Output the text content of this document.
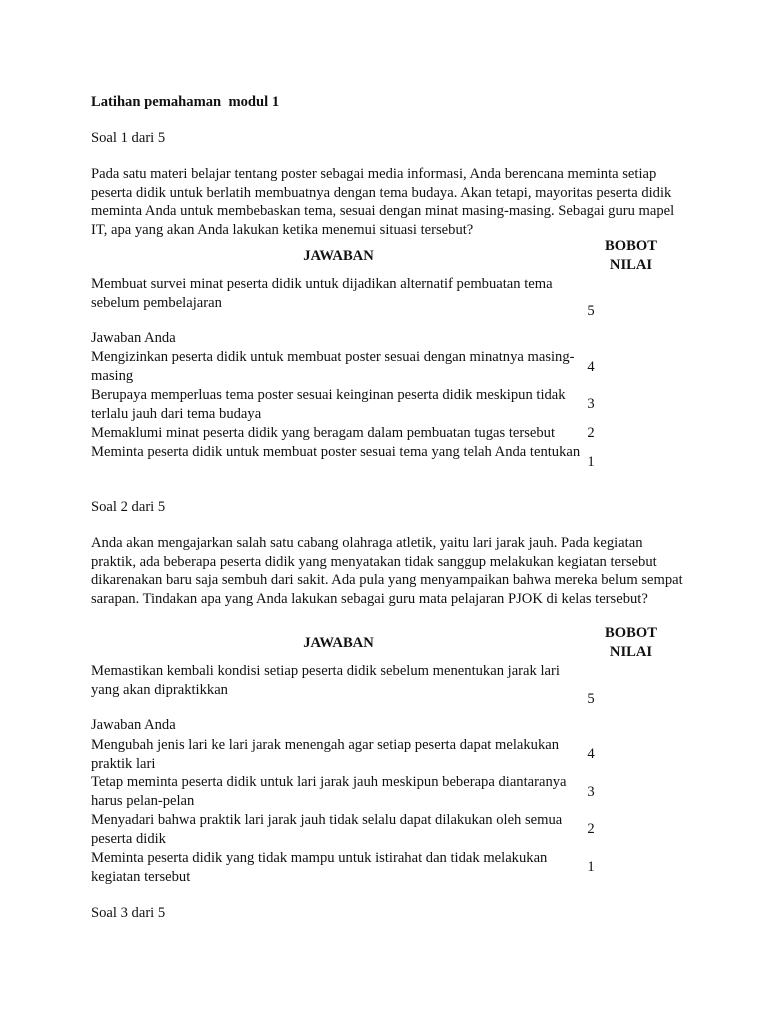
Latihan pemahaman  modul 1
Soal 1 dari 5
Pada satu materi belajar tentang poster sebagai media informasi, Anda berencana meminta setiap peserta didik untuk berlatih membuatnya dengan tema budaya. Akan tetapi, mayoritas peserta didik meminta Anda untuk membebaskan tema, sesuai dengan minat masing-masing. Sebagai guru mapel IT, apa yang akan Anda lakukan ketika menemui situasi tersebut?
JAWABAN
BOBOT
NILAI
Membuat survei minat peserta didik untuk dijadikan alternatif pembuatan tema sebelum pembelajaran
5
Jawaban Anda
Mengizinkan peserta didik untuk membuat poster sesuai dengan minatnya masing-masing
4
Berupaya memperluas tema poster sesuai keinginan peserta didik meskipun tidak terlalu jauh dari tema budaya
3
Memaklumi minat peserta didik yang beragam dalam pembuatan tugas tersebut	2
Meminta peserta didik untuk membuat poster sesuai tema yang telah Anda tentukan
1
Soal 2 dari 5
Anda akan mengajarkan salah satu cabang olahraga atletik, yaitu lari jarak jauh. Pada kegiatan praktik, ada beberapa peserta didik yang menyatakan tidak sanggup melakukan kegiatan tersebut dikarenakan baru saja sembuh dari sakit. Ada pula yang menyampaikan bahwa mereka belum sempat sarapan. Tindakan apa yang Anda lakukan sebagai guru mata pelajaran PJOK di kelas tersebut?
JAWABAN
BOBOT
NILAI
Memastikan kembali kondisi setiap peserta didik sebelum menentukan jarak lari yang akan dipraktikkan
5
Jawaban Anda
Mengubah jenis lari ke lari jarak menengah agar setiap peserta dapat melakukan praktik lari
4
Tetap meminta peserta didik untuk lari jarak jauh meskipun beberapa diantaranya harus pelan-pelan
3
Menyadari bahwa praktik lari jarak jauh tidak selalu dapat dilakukan oleh semua peserta didik
2
Meminta peserta didik yang tidak mampu untuk istirahat dan tidak melakukan kegiatan tersebut
1
Soal 3 dari 5
